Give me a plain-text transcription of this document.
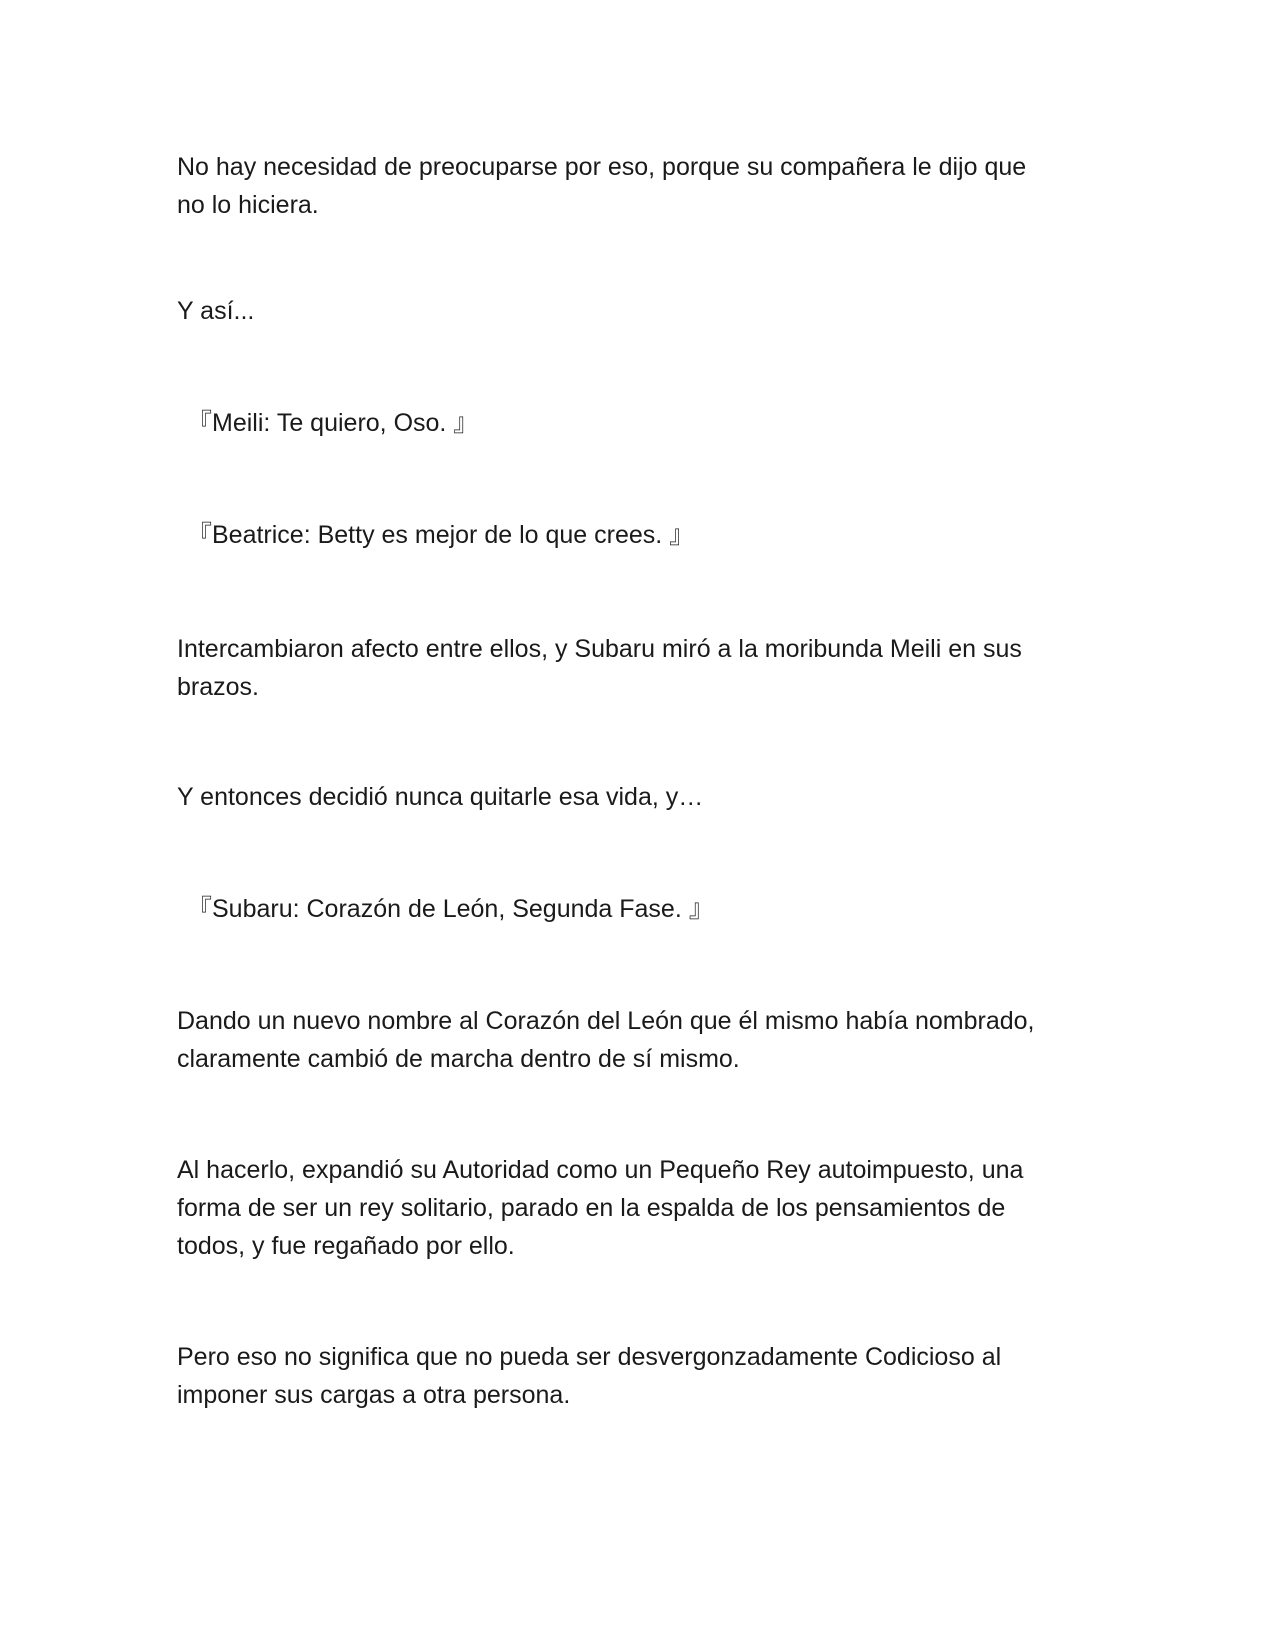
No hay necesidad de preocuparse por eso, porque su compañera le dijo que
no lo hiciera.

Y así...

『Meili: Te quiero, Oso. 』

『Beatrice: Betty es mejor de lo que crees. 』

Intercambiaron afecto entre ellos, y Subaru miró a la moribunda Meili en sus
brazos.

Y entonces decidió nunca quitarle esa vida, y…

『Subaru: Corazón de León, Segunda Fase. 』

Dando un nuevo nombre al Corazón del León que él mismo había nombrado,
claramente cambió de marcha dentro de sí mismo.

Al hacerlo, expandió su Autoridad como un Pequeño Rey autoimpuesto, una
forma de ser un rey solitario, parado en la espalda de los pensamientos de
todos, y fue regañado por ello.

Pero eso no significa que no pueda ser desvergonzadamente Codicioso al
imponer sus cargas a otra persona.
